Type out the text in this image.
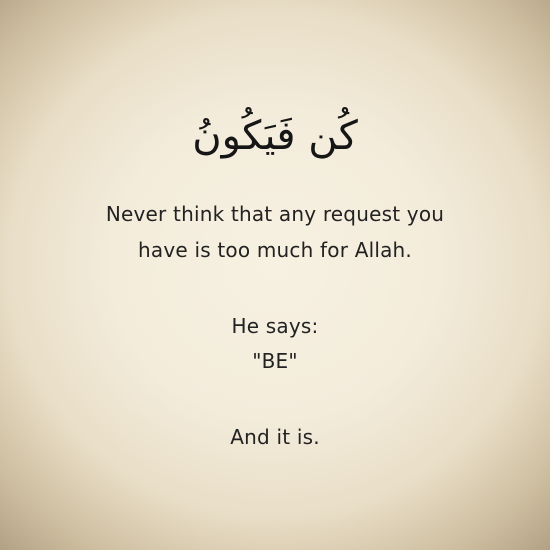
كُن فَيَكُونُ
Never think that any request you
have is too much for Allah.
He says:
"BE"
And it is.
